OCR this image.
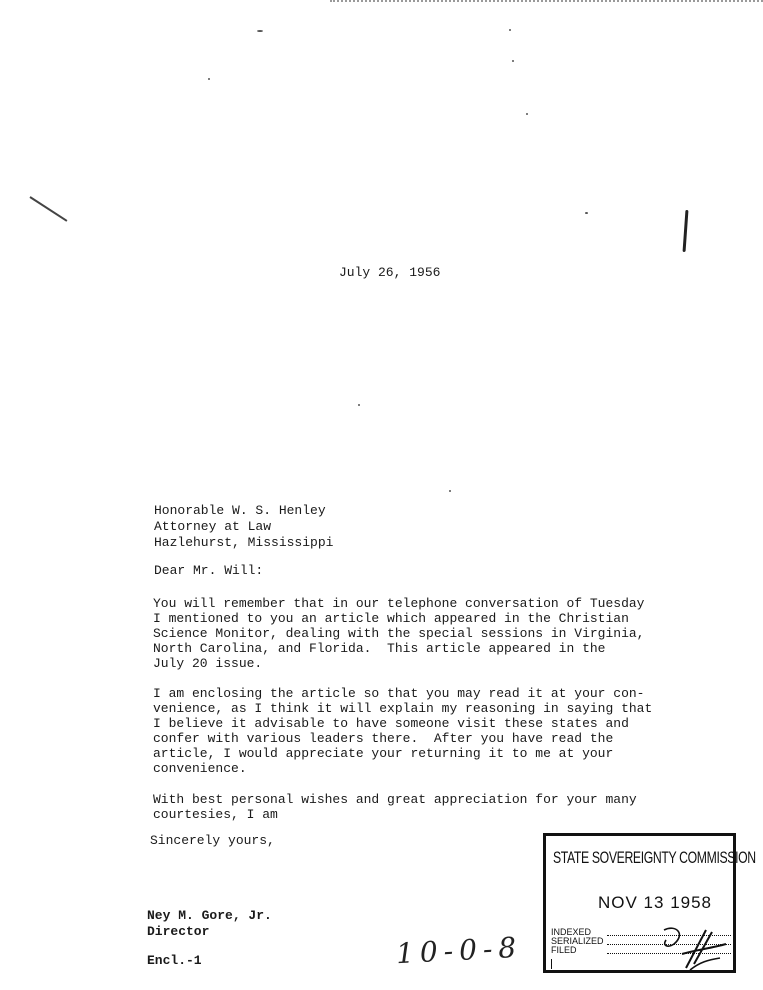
July 26, 1956
Honorable W. S. Henley
Attorney at Law
Hazlehurst, Mississippi
Dear Mr. Will:
You will remember that in our telephone conversation of Tuesday
I mentioned to you an article which appeared in the Christian
Science Monitor, dealing with the special sessions in Virginia,
North Carolina, and Florida.  This article appeared in the
July 20 issue.
I am enclosing the article so that you may read it at your con-
venience, as I think it will explain my reasoning in saying that
I believe it advisable to have someone visit these states and
confer with various leaders there.  After you have read the
article, I would appreciate your returning it to me at your
convenience.
With best personal wishes and great appreciation for your many
courtesies, I am
Sincerely yours,
Ney M. Gore, Jr.
Director
Encl.-1	10-0-8
STATE SOVEREIGNTY COMMISSION
NOV 13 1958
INDEXED
SERIALIZED
FILED
